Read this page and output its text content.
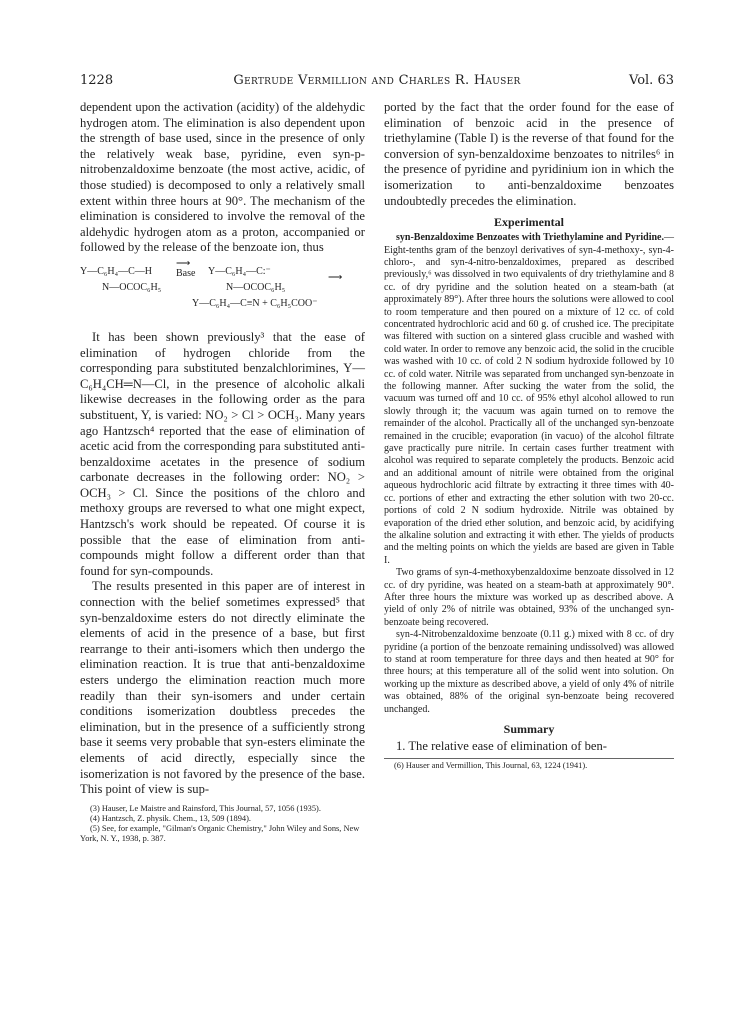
1228	Gertrude Vermillion and Charles R. Hauser	Vol. 63

dependent upon the activation (acidity) of the aldehydic hydrogen atom. The elimination is also dependent upon the strength of base used, since in the presence of only the relatively weak base, pyridine, even syn-p-nitrobenzaldoxime benzoate (the most active, acidic, of those studied) is decomposed to only a relatively small extent within three hours at 90°. The mechanism of the elimination is considered to involve the removal of the aldehydic hydrogen atom as a proton, accompanied or followed by the release of the benzoate ion, thus

Y—C₆H₄—C—H
N—OCOC₆H₅
Base
⟶
Y—C₆H₄—C:⁻
N—OCOC₆H₅
⟶
Y—C₆H₄—C≡N + C₆H₅COO⁻

It has been shown previously³ that the ease of elimination of hydrogen chloride from the corresponding para substituted benzalchlorimines, Y—C₆H₄CH═N—Cl, in the presence of alcoholic alkali likewise decreases in the following order as the para substituent, Y, is varied: NO₂ > Cl > OCH₃. Many years ago Hantzsch⁴ reported that the ease of elimination of acetic acid from the corresponding para substituted anti-benzaldoxime acetates in the presence of sodium carbonate decreases in the following order: NO₂ > OCH₃ > Cl. Since the positions of the chloro and methoxy groups are reversed to what one might expect, Hantzsch's work should be repeated. Of course it is possible that the ease of elimination from anti-compounds might follow a different order than that found for syn-compounds.

The results presented in this paper are of interest in connection with the belief sometimes expressed⁵ that syn-benzaldoxime esters do not directly eliminate the elements of acid in the presence of a base, but first rearrange to their anti-isomers which then undergo the elimination reaction. It is true that anti-benzaldoxime esters undergo the elimination reaction much more readily than their syn-isomers and under certain conditions isomerization doubtless precedes the elimination, but in the presence of a sufficiently strong base it seems very probable that syn-esters eliminate the elements of acid directly, especially since the isomerization is not favored by the presence of the base. This point of view is sup-

(3) Hauser, Le Maistre and Rainsford, This Journal, 57, 1056 (1935).
(4) Hantzsch, Z. physik. Chem., 13, 509 (1894).
(5) See, for example, "Gilman's Organic Chemistry," John Wiley and Sons, New York, N. Y., 1938, p. 387.

ported by the fact that the order found for the ease of elimination of benzoic acid in the presence of triethylamine (Table I) is the reverse of that found for the conversion of syn-benzaldoxime benzoates to nitriles⁶ in the presence of pyridine and pyridinium ion in which the isomerization to anti-benzaldoxime benzoates undoubtedly precedes the elimination.

Experimental

syn-Benzaldoxime Benzoates with Triethylamine and Pyridine.—Eight-tenths gram of the benzoyl derivatives of syn-4-methoxy-, syn-4-chloro-, and syn-4-nitro-benzaldoximes, prepared as described previously,⁶ was dissolved in two equivalents of dry triethylamine and 8 cc. of dry pyridine and the solution heated on a steam-bath (at approximately 89°). After three hours the solutions were allowed to cool to room temperature and then poured on a mixture of 12 cc. of cold concentrated hydrochloric acid and 60 g. of crushed ice. The precipitate was filtered with suction on a sintered glass crucible and washed with cold water. In order to remove any benzoic acid, the solid in the crucible was washed with 10 cc. of cold 2 N sodium hydroxide followed by 10 cc. of cold water. Nitrile was separated from unchanged syn-benzoate in the following manner. After sucking the water from the solid, the vacuum was turned off and 10 cc. of 95% ethyl alcohol allowed to run slowly through it; the vacuum was again turned on to remove the remainder of the alcohol. Practically all of the unchanged syn-benzoate remained in the crucible; evaporation (in vacuo) of the alcohol filtrate gave practically pure nitrile. In certain cases further treatment with alcohol was required to separate completely the products. Benzoic acid and an additional amount of nitrile were obtained from the original aqueous hydrochloric acid filtrate by extracting it three times with 40-cc. portions of ether and extracting the ether solution with two 20-cc. portions of cold 2 N sodium hydroxide. Nitrile was obtained by evaporation of the dried ether solution, and benzoic acid, by acidifying the alkaline solution and extracting it with ether. The yields of products and the melting points on which the yields are based are given in Table I.

Two grams of syn-4-methoxybenzaldoxime benzoate dissolved in 12 cc. of dry pyridine, was heated on a steam-bath at approximately 90°. After three hours the mixture was worked up as described above. A yield of only 2% of nitrile was obtained, 93% of the unchanged syn-benzoate being recovered.

syn-4-Nitrobenzaldoxime benzoate (0.11 g.) mixed with 8 cc. of dry pyridine (a portion of the benzoate remaining undissolved) was allowed to stand at room temperature for three days and then heated at 90° for three hours; at this temperature all of the solid went into solution. On working up the mixture as described above, a yield of only 4% of nitrile was obtained, 88% of the original syn-benzoate being recovered unchanged.

Summary
1. The relative ease of elimination of ben-
(6) Hauser and Vermillion, This Journal, 63, 1224 (1941).
